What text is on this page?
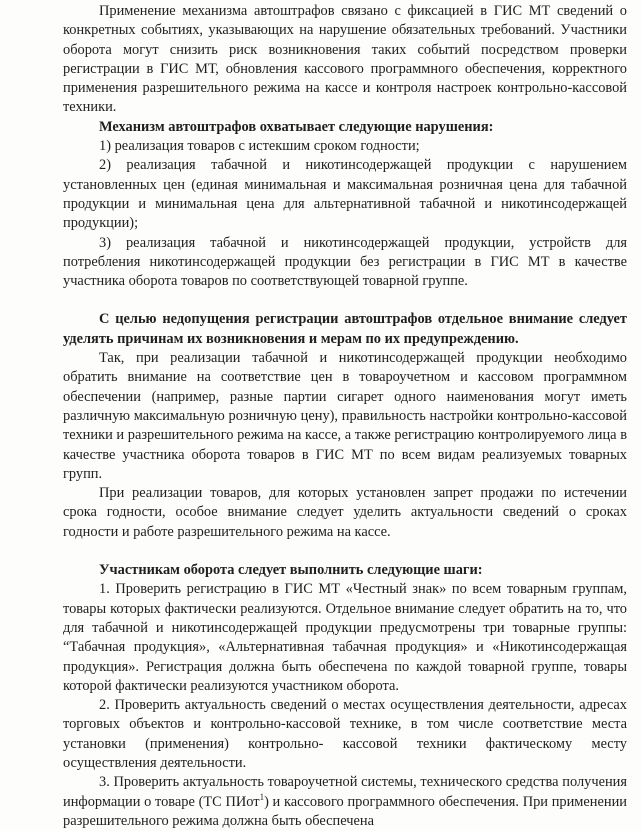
Применение механизма автоштрафов связано с фиксацией в ГИС МТ сведений о конкретных событиях, указывающих на нарушение обязательных требований. Участники оборота могут снизить риск возникновения таких событий посредством проверки регистрации в ГИС МТ, обновления кассового программного обеспечения, корректного применения разрешительного режима на кассе и контроля настроек контрольно-кассовой техники.

Механизм автоштрафов охватывает следующие нарушения:

1) реализация товаров с истекшим сроком годности;

2) реализация табачной и никотинсодержащей продукции с нарушением установленных цен (единая минимальная и максимальная розничная цена для табачной продукции и минимальная цена для альтернативной табачной и никотинсодержащей продукции);

3) реализация табачной и никотинсодержащей продукции, устройств для потребления никотинсодержащей продукции без регистрации в ГИС МТ в качестве участника оборота товаров по соответствующей товарной группе.

С целью недопущения регистрации автоштрафов отдельное внимание следует уделять причинам их возникновения и мерам по их предупреждению.

Так, при реализации табачной и никотинсодержащей продукции необходимо обратить внимание на соответствие цен в товароучетном и кассовом программном обеспечении (например, разные партии сигарет одного наименования могут иметь различную максимальную розничную цену), правильность настройки контрольно-кассовой техники и разрешительного режима на кассе, а также регистрацию контролируемого лица в качестве участника оборота товаров в ГИС МТ по всем видам реализуемых товарных групп.

При реализации товаров, для которых установлен запрет продажи по истечении срока годности, особое внимание следует уделить актуальности сведений о сроках годности и работе разрешительного режима на кассе.

Участникам оборота следует выполнить следующие шаги:

1. Проверить регистрацию в ГИС МТ «Честный знак» по всем товарным группам, товары которых фактически реализуются. Отдельное внимание следует обратить на то, что для табачной и никотинсодержащей продукции предусмотрены три товарные группы: “Табачная продукция», «Альтернативная табачная продукция» и «Никотинсодержащая продукция». Регистрация должна быть обеспечена по каждой товарной группе, товары которой фактически реализуются участником оборота.

2. Проверить актуальность сведений о местах осуществления деятельности, адресах торговых объектов и контрольно-кассовой технике, в том числе соответствие места установки (применения) контрольно- кассовой техники фактическому месту осуществления деятельности.

3. Проверить актуальность товароучетной системы, технического средства получения информации о товаре (ТС ПИот$^1$) и кассового программного обеспечения. При применении разрешительного режима должна быть обеспечена
